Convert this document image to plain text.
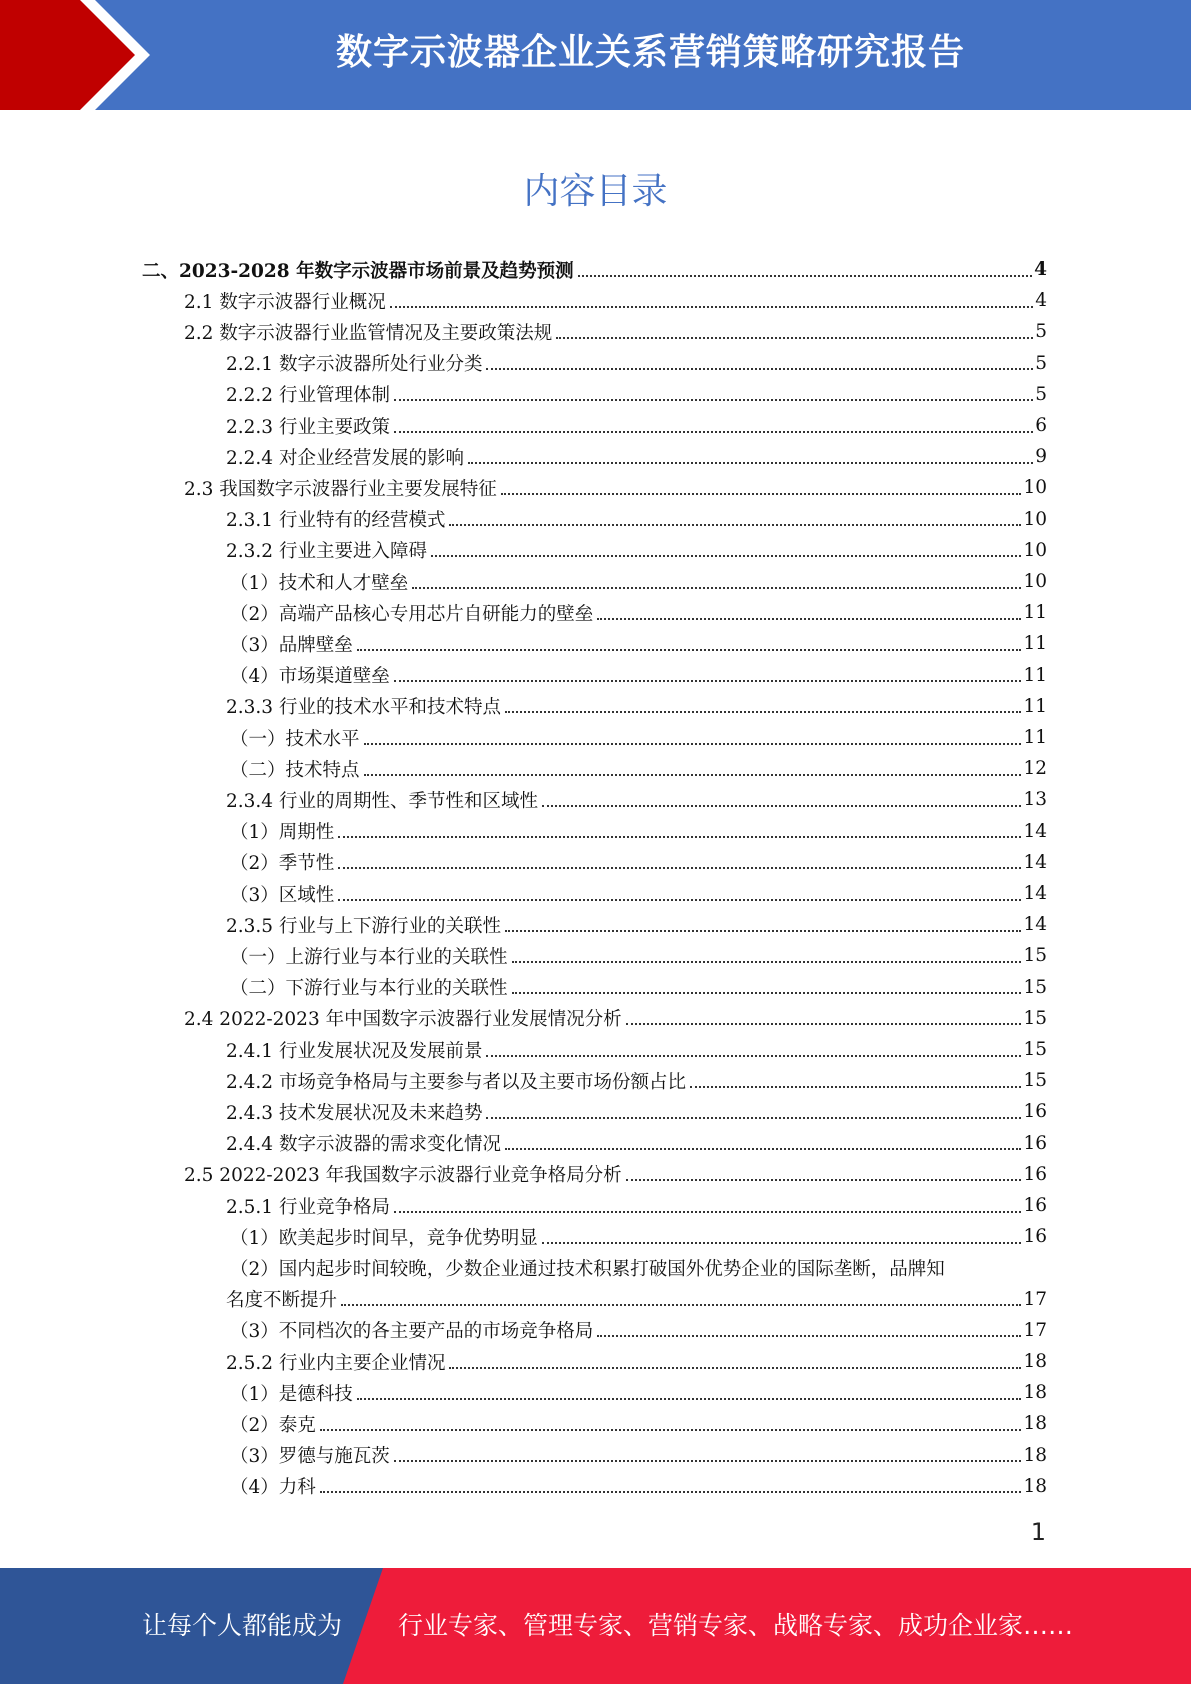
数字示波器企业关系营销策略研究报告
内容目录
二、2023-2028 年数字示波器市场前景及趋势预测	4
2.1 数字示波器行业概况	4
2.2 数字示波器行业监管情况及主要政策法规	5
2.2.1 数字示波器所处行业分类	5
2.2.2 行业管理体制	5
2.2.3 行业主要政策	6
2.2.4 对企业经营发展的影响	9
2.3 我国数字示波器行业主要发展特征	10
2.3.1 行业特有的经营模式	10
2.3.2 行业主要进入障碍	10
（1）技术和人才壁垒	10
（2）高端产品核心专用芯片自研能力的壁垒	11
（3）品牌壁垒	11
（4）市场渠道壁垒	11
2.3.3 行业的技术水平和技术特点	11
（一）技术水平	11
（二）技术特点	12
2.3.4 行业的周期性、季节性和区域性	13
（1）周期性	14
（2）季节性	14
（3）区域性	14
2.3.5 行业与上下游行业的关联性	14
（一）上游行业与本行业的关联性	15
（二）下游行业与本行业的关联性	15
2.4 2022-2023 年中国数字示波器行业发展情况分析	15
2.4.1 行业发展状况及发展前景	15
2.4.2 市场竞争格局与主要参与者以及主要市场份额占比	15
2.4.3 技术发展状况及未来趋势	16
2.4.4 数字示波器的需求变化情况	16
2.5 2022-2023 年我国数字示波器行业竞争格局分析	16
2.5.1 行业竞争格局	16
（1）欧美起步时间早，竞争优势明显	16
（2）国内起步时间较晚，少数企业通过技术积累打破国外优势企业的国际垄断，品牌知
名度不断提升	17
（3）不同档次的各主要产品的市场竞争格局	17
2.5.2 行业内主要企业情况	18
（1）是德科技	18
（2）泰克	18
（3）罗德与施瓦茨	18
（4）力科	18
1
让每个人都能成为 行业专家、管理专家、营销专家、战略专家、成功企业家……
